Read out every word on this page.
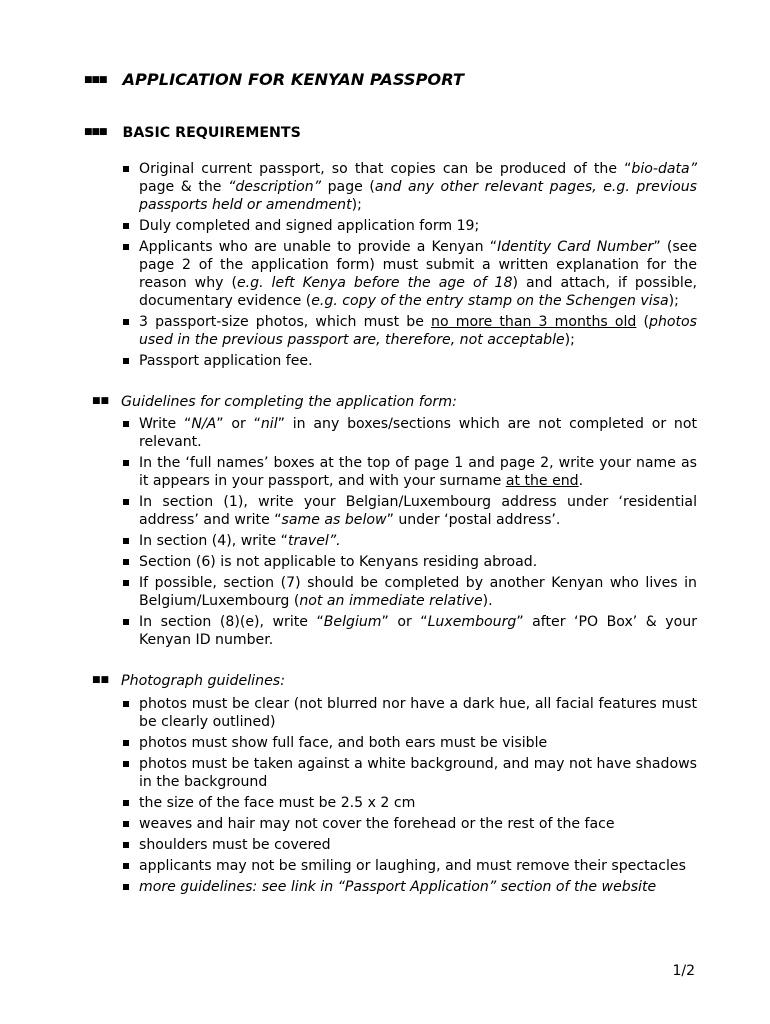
■■■ APPLICATION FOR KENYAN PASSPORT
■■■ BASIC REQUIREMENTS
Original current passport, so that copies can be produced of the “bio-data” page & the “description” page (and any other relevant pages, e.g. previous passports held or amendment);
Duly completed and signed application form 19;
Applicants who are unable to provide a Kenyan “Identity Card Number” (see page 2 of the application form) must submit a written explanation for the reason why (e.g. left Kenya before the age of 18) and attach, if possible, documentary evidence (e.g. copy of the entry stamp on the Schengen visa);
3 passport-size photos, which must be no more than 3 months old (photos used in the previous passport are, therefore, not acceptable);
Passport application fee.
■■ Guidelines for completing the application form:
Write “N/A” or “nil” in any boxes/sections which are not completed or not relevant.
In the ‘full names’ boxes at the top of page 1 and page 2, write your name as it appears in your passport, and with your surname at the end.
In section (1), write your Belgian/Luxembourg address under ‘residential address’ and write “same as below” under ‘postal address’.
In section (4), write “travel”.
Section (6) is not applicable to Kenyans residing abroad.
If possible, section (7) should be completed by another Kenyan who lives in Belgium/Luxembourg (not an immediate relative).
In section (8)(e), write “Belgium” or “Luxembourg” after ‘PO Box’ & your Kenyan ID number.
■■ Photograph guidelines:
photos must be clear (not blurred nor have a dark hue, all facial features must be clearly outlined)
photos must show full face, and both ears must be visible
photos must be taken against a white background, and may not have shadows in the background
the size of the face must be 2.5 x 2 cm
weaves and hair may not cover the forehead or the rest of the face
shoulders must be covered
applicants may not be smiling or laughing, and must remove their spectacles
more guidelines: see link in “Passport Application” section of the website
1/2
